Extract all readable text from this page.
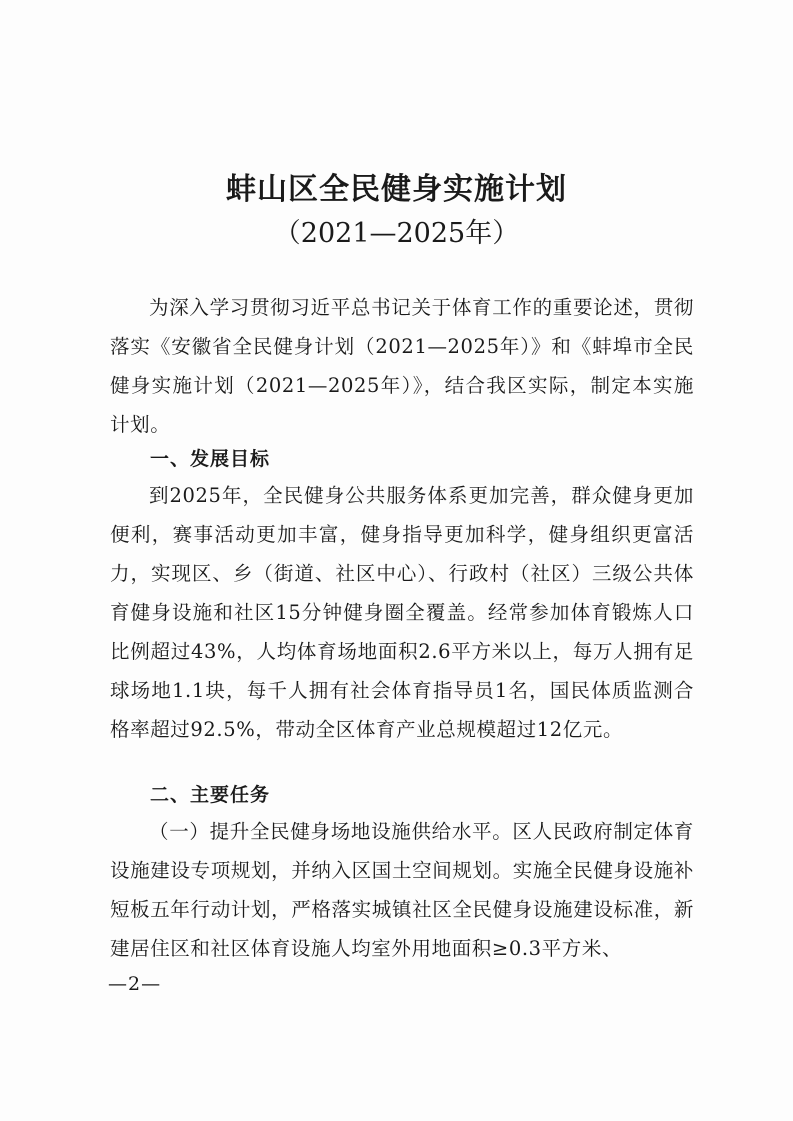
蚌山区全民健身实施计划

（2021—2025年）

为深入学习贯彻习近平总书记关于体育工作的重要论述，贯彻落实《安徽省全民健身计划（2021—2025年）》和《蚌埠市全民健身实施计划（2021—2025年）》，结合我区实际，制定本实施计划。

一、发展目标

到2025年，全民健身公共服务体系更加完善，群众健身更加便利，赛事活动更加丰富，健身指导更加科学，健身组织更富活力，实现区、乡（街道、社区中心）、行政村（社区）三级公共体育健身设施和社区15分钟健身圈全覆盖。经常参加体育锻炼人口比例超过43%，人均体育场地面积2.6平方米以上，每万人拥有足球场地1.1块，每千人拥有社会体育指导员1名，国民体质监测合格率超过92.5%，带动全区体育产业总规模超过12亿元。

二、主要任务

（一）提升全民健身场地设施供给水平。区人民政府制定体育设施建设专项规划，并纳入区国土空间规划。实施全民健身设施补短板五年行动计划，严格落实城镇社区全民健身设施建设标准，新建居住区和社区体育设施人均室外用地面积≥0.3平方米、

—2—
